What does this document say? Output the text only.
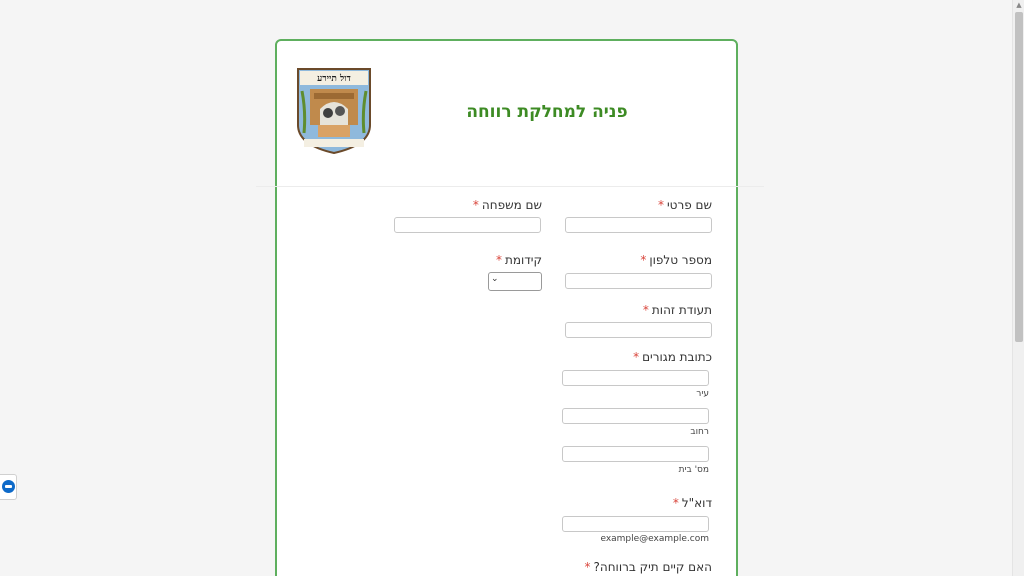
▲
דול תיירע
פניה למחלקת רווחה
שם פרטי*
שם משפחה*
מספר טלפון*
קידומת*
⌄
תעודת זהות*
כתובת מגורים*
עיר
רחוב
מס' בית
דוא"ל*
example@example.com
האם קיים תיק ברווחה?*
